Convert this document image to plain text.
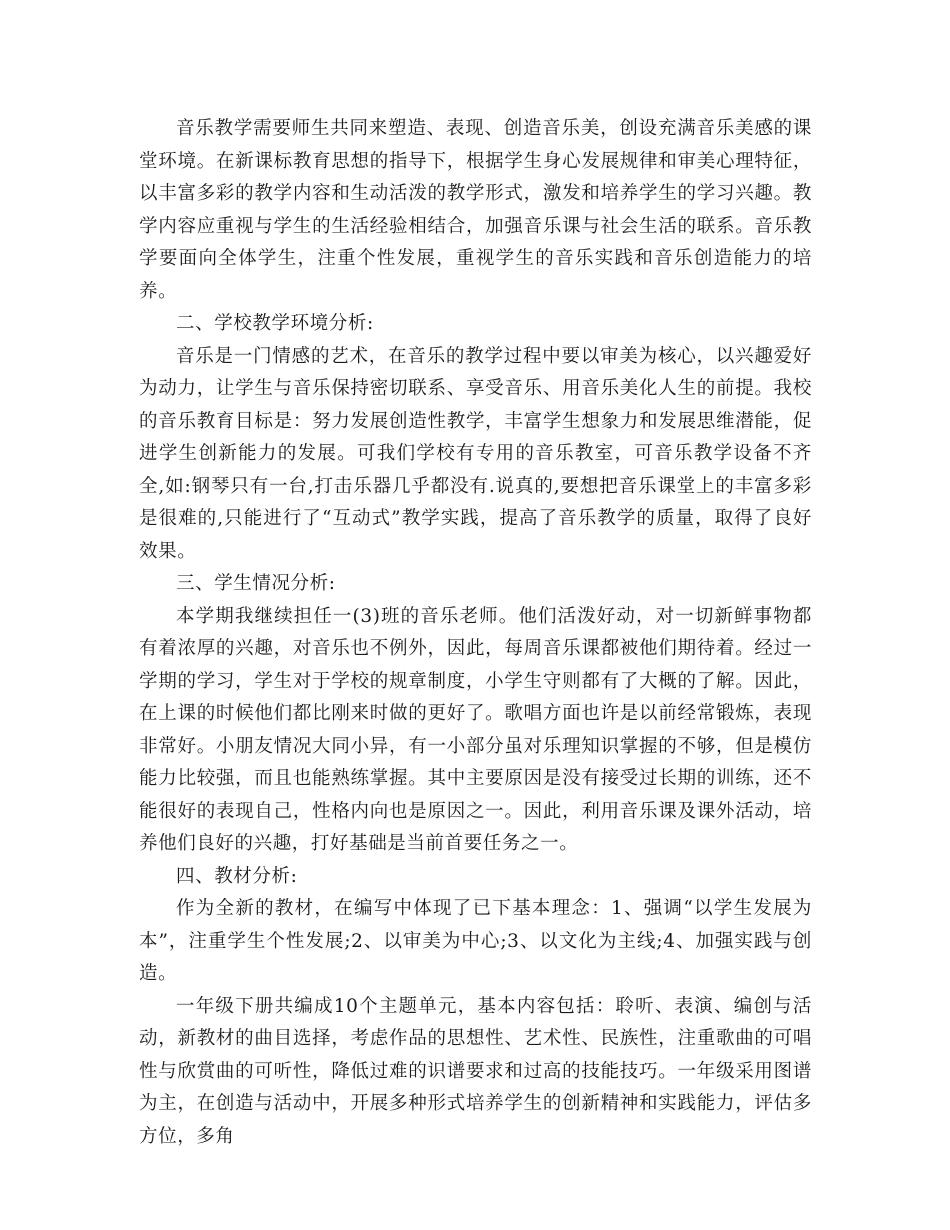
音乐教学需要师生共同来塑造、表现、创造音乐美，创设充满音乐美感的课堂环境。在新课标教育思想的指导下，根据学生身心发展规律和审美心理特征，以丰富多彩的教学内容和生动活泼的教学形式，激发和培养学生的学习兴趣。教学内容应重视与学生的生活经验相结合，加强音乐课与社会生活的联系。音乐教学要面向全体学生，注重个性发展，重视学生的音乐实践和音乐创造能力的培养。

二、学校教学环境分析:

音乐是一门情感的艺术，在音乐的教学过程中要以审美为核心，以兴趣爱好为动力，让学生与音乐保持密切联系、享受音乐、用音乐美化人生的前提。我校的音乐教育目标是：努力发展创造性教学，丰富学生想象力和发展思维潜能，促进学生创新能力的发展。可我们学校有专用的音乐教室，可音乐教学设备不齐全,如:钢琴只有一台,打击乐器几乎都没有.说真的,要想把音乐课堂上的丰富多彩是很难的,只能进行了“互动式”教学实践，提高了音乐教学的质量，取得了良好效果。

三、学生情况分析:

本学期我继续担任一(3)班的音乐老师。他们活泼好动，对一切新鲜事物都有着浓厚的兴趣，对音乐也不例外，因此，每周音乐课都被他们期待着。经过一学期的学习，学生对于学校的规章制度，小学生守则都有了大概的了解。因此，在上课的时候他们都比刚来时做的更好了。歌唱方面也许是以前经常锻炼，表现非常好。小朋友情况大同小异，有一小部分虽对乐理知识掌握的不够，但是模仿能力比较强，而且也能熟练掌握。其中主要原因是没有接受过长期的训练，还不能很好的表现自己，性格内向也是原因之一。因此，利用音乐课及课外活动，培养他们良好的兴趣，打好基础是当前首要任务之一。

四、教材分析:

作为全新的教材，在编写中体现了已下基本理念：1、强调“以学生发展为本”，注重学生个性发展;2、以审美为中心;3、以文化为主线;4、加强实践与创造。

一年级下册共编成10个主题单元，基本内容包括：聆听、表演、编创与活动，新教材的曲目选择，考虑作品的思想性、艺术性、民族性，注重歌曲的可唱性与欣赏曲的可听性，降低过难的识谱要求和过高的技能技巧。一年级采用图谱为主，在创造与活动中，开展多种形式培养学生的创新精神和实践能力，评估多方位，多角
